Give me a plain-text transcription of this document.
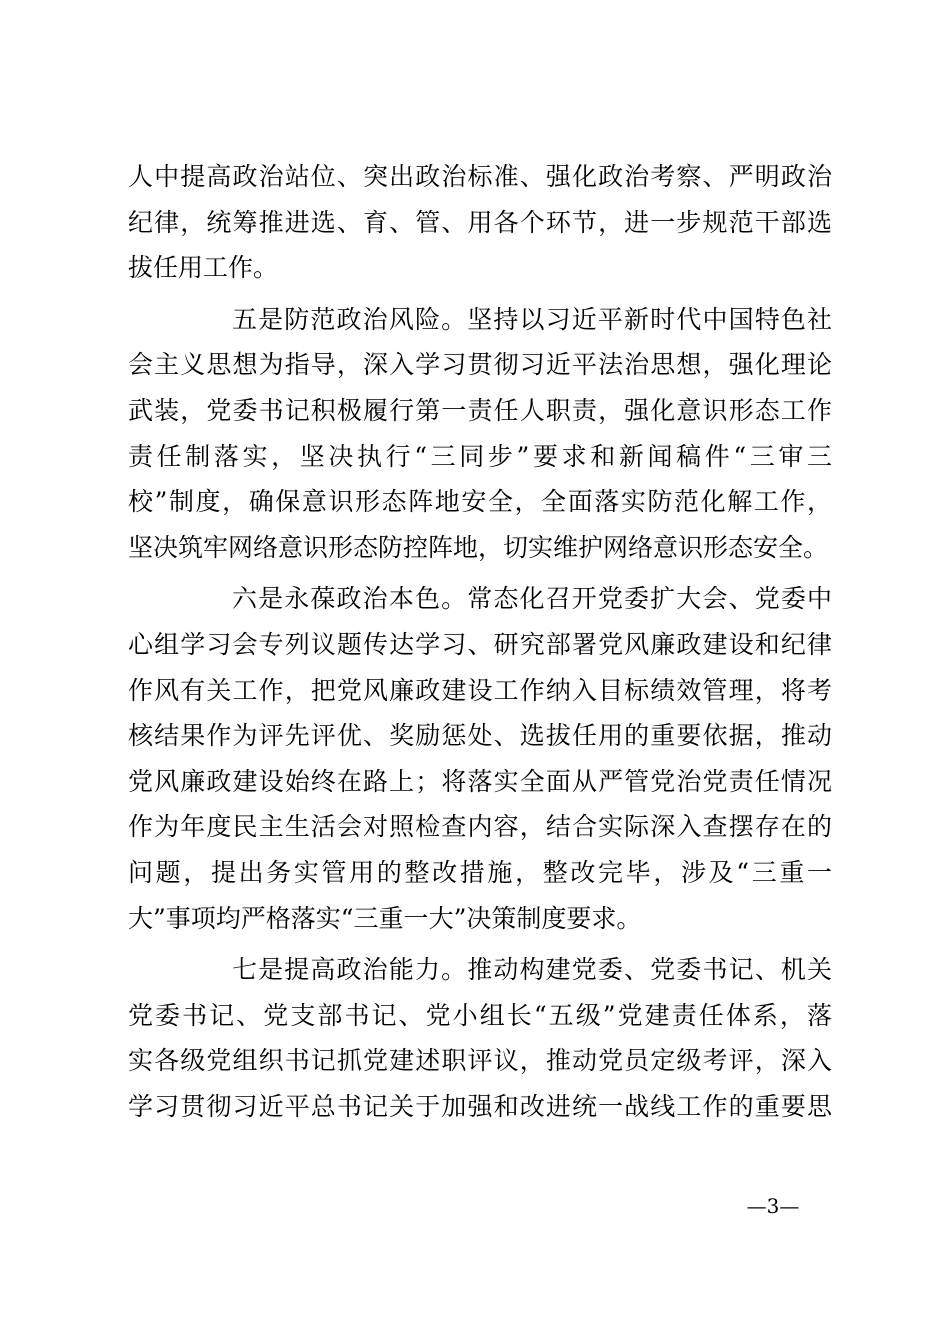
人中提高政治站位、突出政治标准、强化政治考察、严明政治
纪律，统筹推进选、育、管、用各个环节，进一步规范干部选
拔任用工作。
五是防范政治风险。坚持以习近平新时代中国特色社
会主义思想为指导，深入学习贯彻习近平法治思想，强化理论
武装，党委书记积极履行第一责任人职责，强化意识形态工作
责任制落实，坚决执行“三同步”要求和新闻稿件“三审三
校”制度，确保意识形态阵地安全，全面落实防范化解工作，
坚决筑牢网络意识形态防控阵地，切实维护网络意识形态安全。
六是永葆政治本色。常态化召开党委扩大会、党委中
心组学习会专列议题传达学习、研究部署党风廉政建设和纪律
作风有关工作，把党风廉政建设工作纳入目标绩效管理，将考
核结果作为评先评优、奖励惩处、选拔任用的重要依据，推动
党风廉政建设始终在路上；将落实全面从严管党治党责任情况
作为年度民主生活会对照检查内容，结合实际深入查摆存在的
问题，提出务实管用的整改措施，整改完毕，涉及“三重一
大”事项均严格落实“三重一大”决策制度要求。
七是提高政治能力。推动构建党委、党委书记、机关
党委书记、党支部书记、党小组长“五级”党建责任体系，落
实各级党组织书记抓党建述职评议，推动党员定级考评，深入
学习贯彻习近平总书记关于加强和改进统一战线工作的重要思
—3—
